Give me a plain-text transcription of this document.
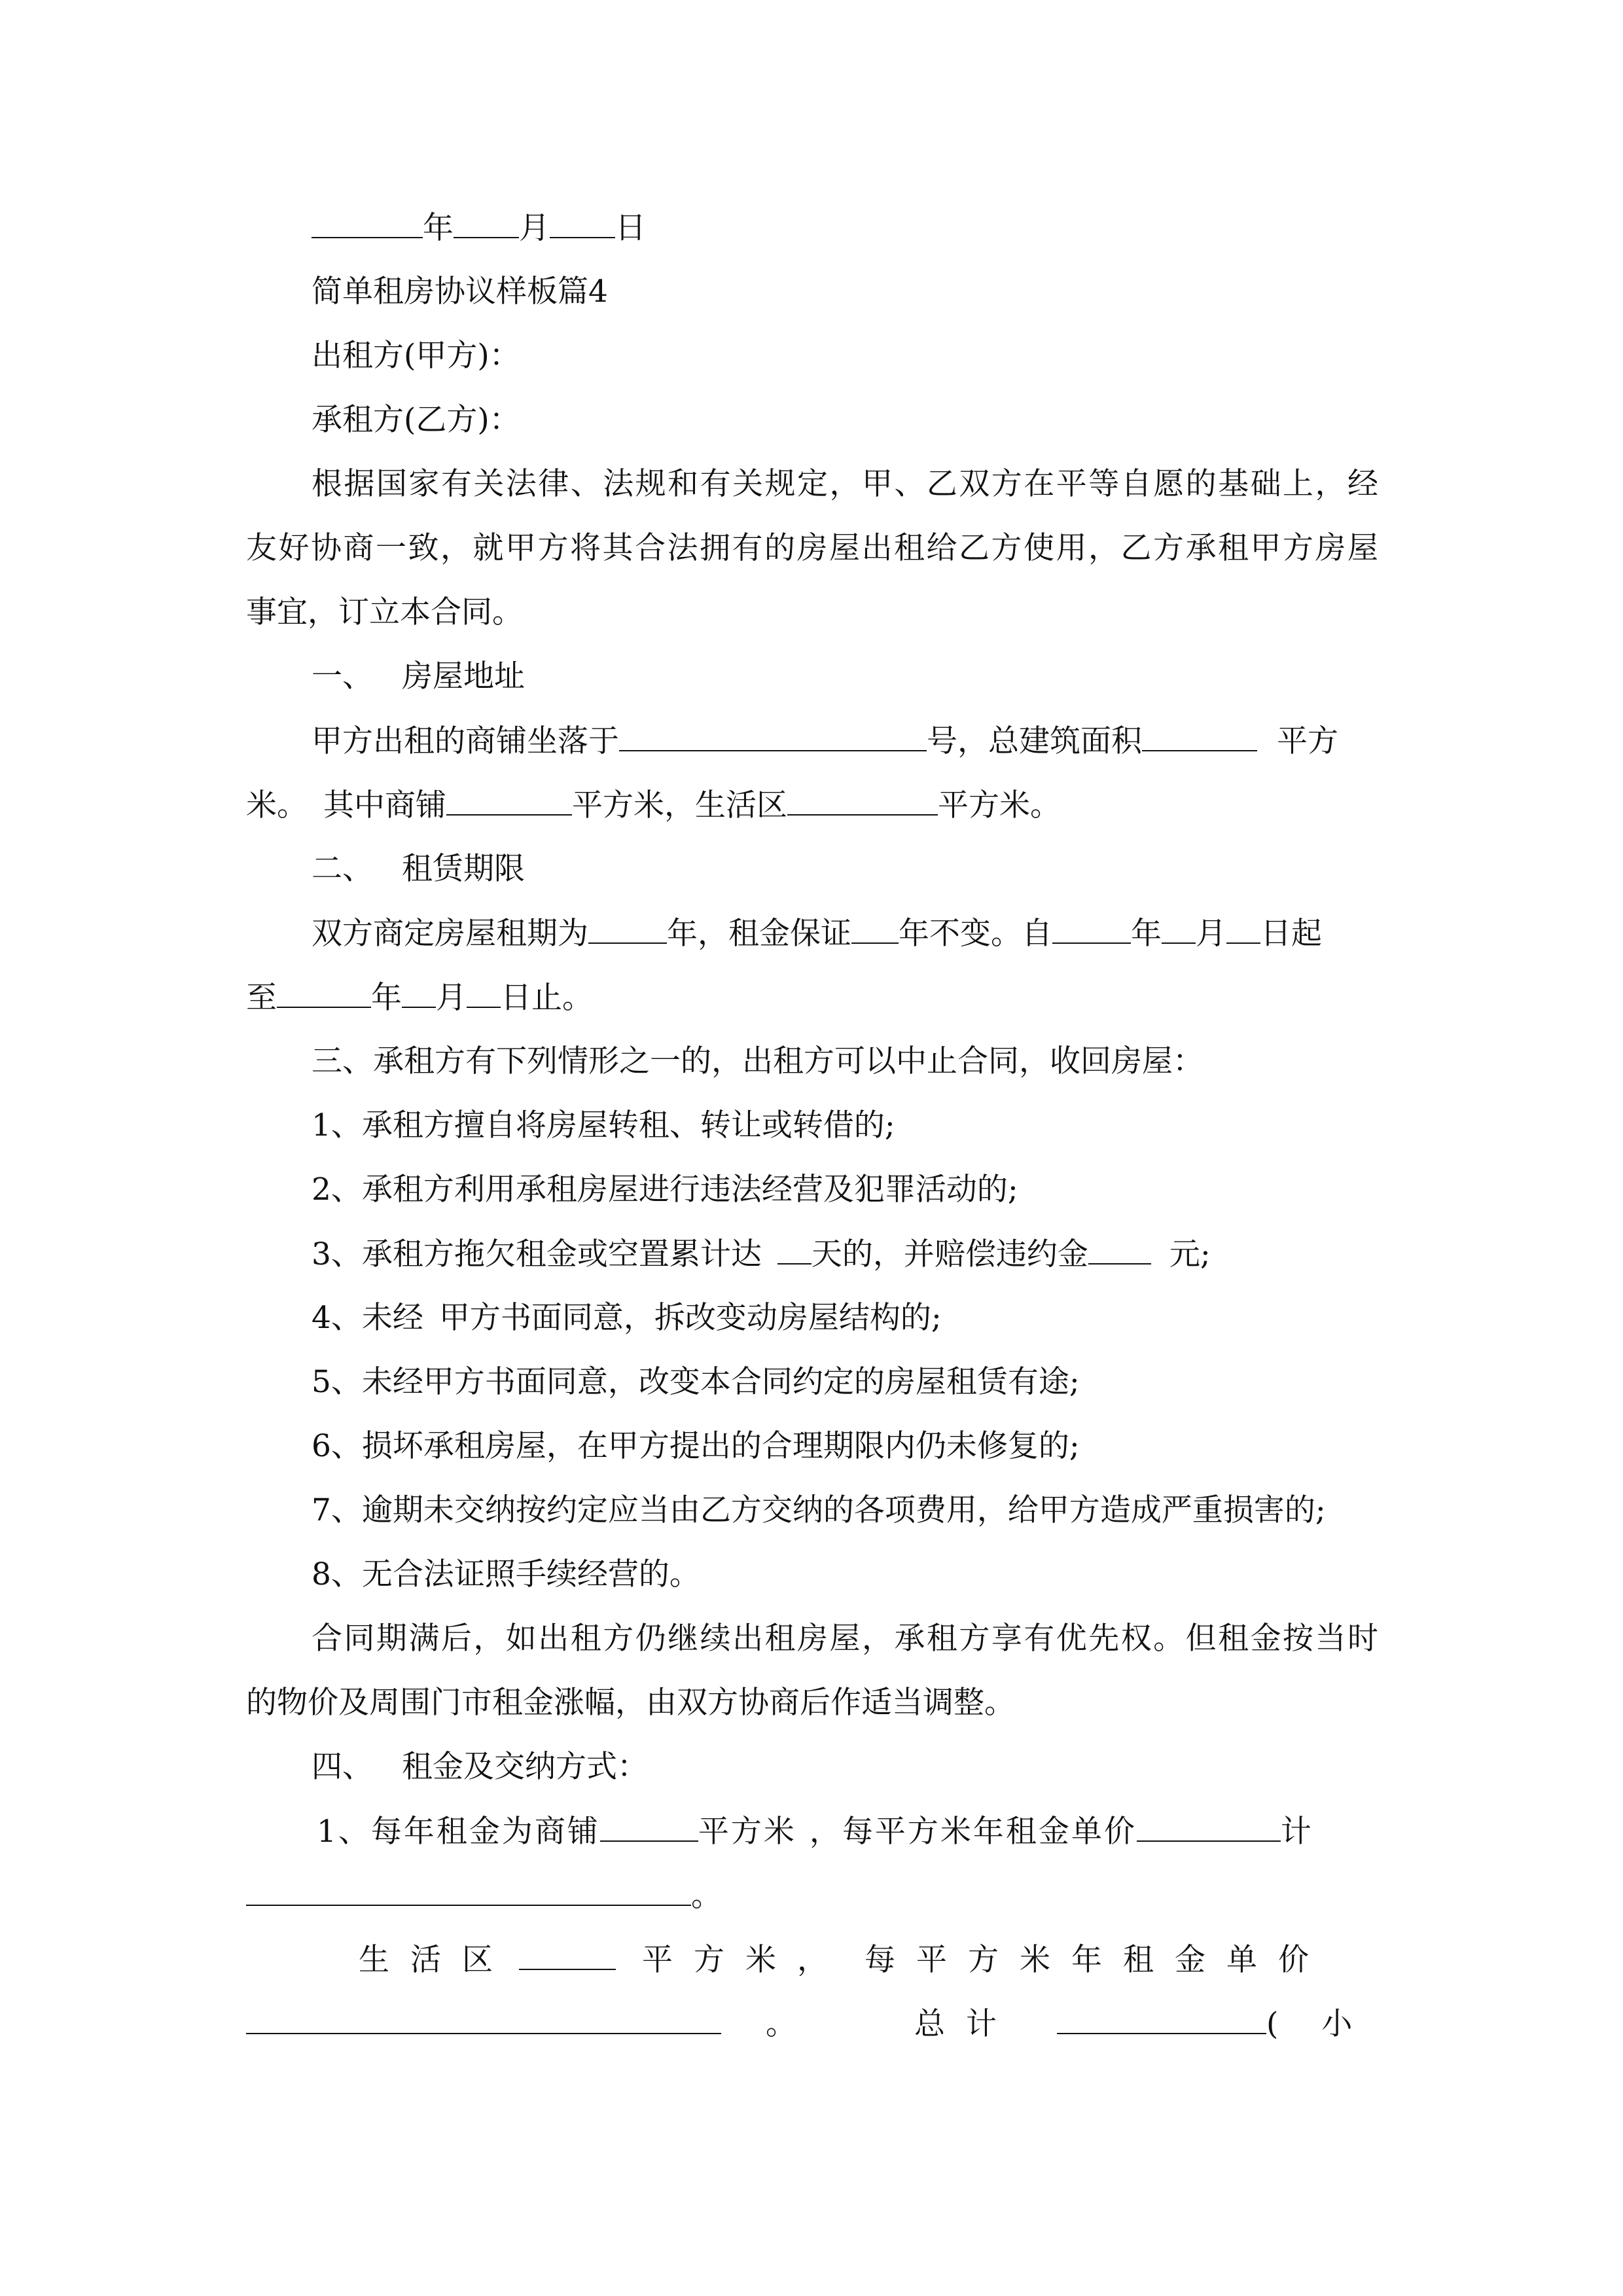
年 月 日
简单租房协议样板篇4
出租方(甲方)：
承租方(乙方)：
根据国家有关法律、法规和有关规定，甲、乙双方在平等自愿的基础上，经
友好协商一致，就甲方将其合法拥有的房屋出租给乙方使用，乙方承租甲方房屋
事宜，订立本合同。
一、 房屋地址
甲方出租的商铺坐落于	号，总建筑面积	平方
米。 其中商铺	平方米，生活区	平方米。
二、 租赁期限
双方商定房屋租期为	年，租金保证 年不变。自	年 月 日起
至	年 月 日止。
三、承租方有下列情形之一的，出租方可以中止合同，收回房屋：
1、承租方擅自将房屋转租、转让或转借的;
2、承租方利用承租房屋进行违法经营及犯罪活动的;
3、承租方拖欠租金或空置累计达 天的，并赔偿违约金	元;
4、未经 甲方书面同意，拆改变动房屋结构的;
5、未经甲方书面同意，改变本合同约定的房屋租赁有途;
6、损坏承租房屋，在甲方提出的合理期限内仍未修复的;
7、逾期未交纳按约定应当由乙方交纳的各项费用，给甲方造成严重损害的;
8、无合法证照手续经营的。
合同期满后，如出租方仍继续出租房屋，承租方享有优先权。但租金按当时
的物价及周围门市租金涨幅，由双方协商后作适当调整。
四、 租金及交纳方式：
1、每年租金为商铺	平方米 ，每平方米年租金单价	计
。
生活区	平方米， 每平方米年租金单价
。	总计	( 小
